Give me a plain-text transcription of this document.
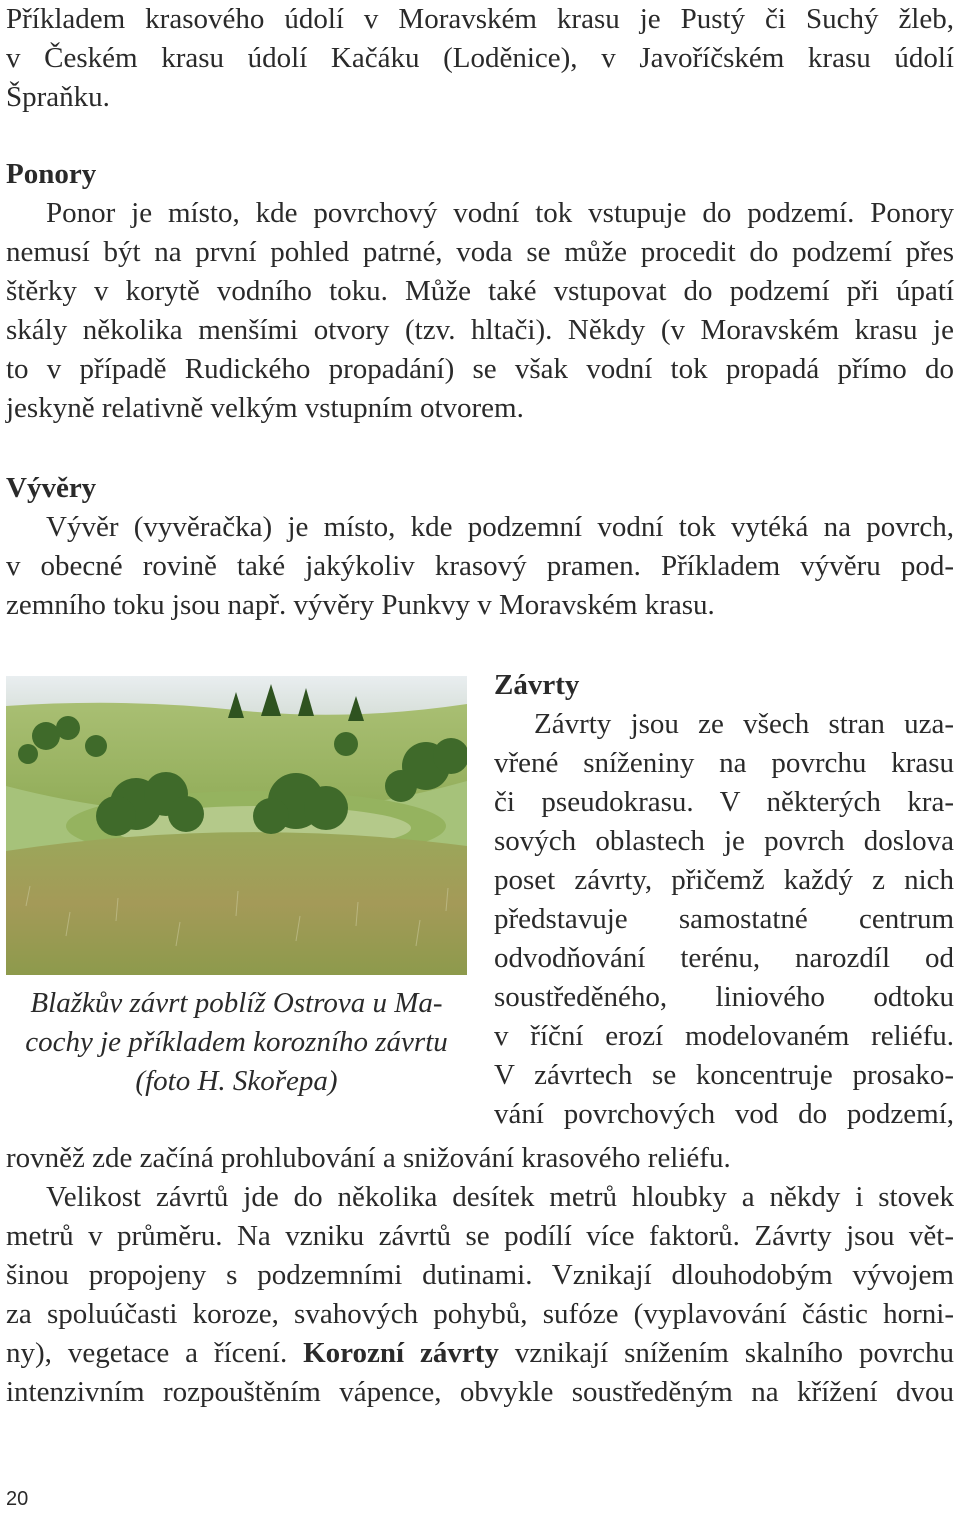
Příkladem krasového údolí v Moravském krasu je Pustý či Suchý žleb,
v Českém krasu údolí Kačáku (Loděnice), v Javoříčském krasu údolí
Špraňku.

Ponory

Ponor je místo, kde povrchový vodní tok vstupuje do podzemí. Ponory
nemusí být na první pohled patrné, voda se může procedit do podzemí přes
štěrky v korytě vodního toku. Může také vstupovat do podzemí při úpatí
skály několika menšími otvory (tzv. hltači). Někdy (v Moravském krasu je
to v případě Rudického propadání) se však vodní tok propadá přímo do
jeskyně relativně velkým vstupním otvorem.

Vývěry

Vývěr (vyvěračka) je místo, kde podzemní vodní tok vytéká na povrch,
v obecné rovině také jakýkoliv krasový pramen. Příkladem vývěru pod-
zemního toku jsou např. vývěry Punkvy v Moravském krasu.

Blažkův závrt poblíž Ostrova u Ma-
cochy je příkladem korozního závrtu
(foto H. Skořepa)
Závrty

Závrty jsou ze všech stran uza-
vřené sníženiny na povrchu krasu
či pseudokrasu. V některých kra-
sových oblastech je povrch doslova
poset závrty, přičemž každý z nich
představuje samostatné centrum
odvodňování terénu, narozdíl od
soustředěného, liniového odtoku
v říční erozí modelovaném reliéfu.
V závrtech se koncentruje prosako-
vání povrchových vod do podzemí,

rovněž zde začíná prohlubování a snižování krasového reliéfu.

Velikost závrtů jde do několika desítek metrů hloubky a někdy i stovek
metrů v průměru. Na vzniku závrtů se podílí více faktorů. Závrty jsou vět-
šinou propojeny s podzemními dutinami. Vznikají dlouhodobým vývojem
za spoluúčasti koroze, svahových pohybů, sufóze (vyplavování částic horni-
ny), vegetace a řícení. Korozní závrty vznikají snížením skalního povrchu
intenzivním rozpouštěním vápence, obvykle soustředěným na křížení dvou

20
